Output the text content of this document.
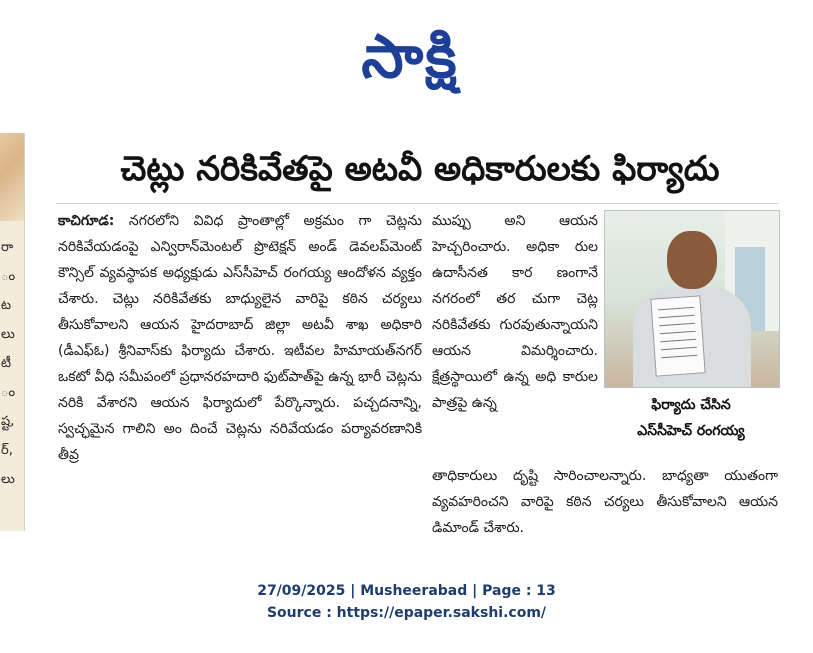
సాక్షి
రా
ం
ట
లు
టీ
ం
ష్ట,
ర్,
లు
చెట్లు నరికివేతపై అటవీ అధికారులకు ఫిర్యాదు

కాచిగూడ: నగరలోని వివిధ ప్రాంతాల్లో అక్రమం గా చెట్లను నరికివేయడంపై ఎన్విరాన్‌మెంటల్ ప్రొటెక్షన్ అండ్ డెవలప్‌మెంట్ కౌన్సిల్ వ్యవస్థాపక అధ్యక్షుడు ఎస్‌సీహెచ్ రంగయ్య ఆందోళన వ్యక్తం చేశారు. చెట్లు నరికివేతకు బాధ్యులైన వారిపై కఠిన చర్యలు తీసుకోవాలని ఆయన హైదరాబాద్ జిల్లా అటవీ శాఖ అధికారి (డీఎఫ్‌ఓ) శ్రీనివాస్‌కు ఫిర్యాదు చేశారు. ఇటీవల హిమాయత్‌నగర్ ఒకటో వీధి సమీపంలో ప్రధానరహదారి ఫుట్‌పాత్‌పై ఉన్న భారీ చెట్లను నరికి వేశారని ఆయన ఫిర్యాదులో పేర్కొన్నారు. పచ్చదనాన్ని, స్వచ్ఛమైన గాలిని అం దించే చెట్లను నరివేయడం పర్యావరణానికి తీవ్ర

ముప్పు అని ఆయన హెచ్చరించారు. అధికా రుల ఉదాసీనత కార ణంగానే నగరంలో తర చుగా చెట్ల నరికివేతకు గురవుతున్నాయని ఆయన విమర్శించారు. క్షేత్రస్థాయిలో ఉన్న అధి కారుల పాత్రపై ఉన్న

తాధికారులు దృష్టి సారించాలన్నారు. బాధ్యతా యుతంగా వ్యవహరించని వారిపై కఠిన చర్యలు తీసుకోవాలని ఆయన డిమాండ్ చేశారు.

ఫిర్యాదు చేసిన
ఎస్‌సీహెచ్ రంగయ్య
27/09/2025 | Musheerabad | Page : 13
Source : https://epaper.sakshi.com/
